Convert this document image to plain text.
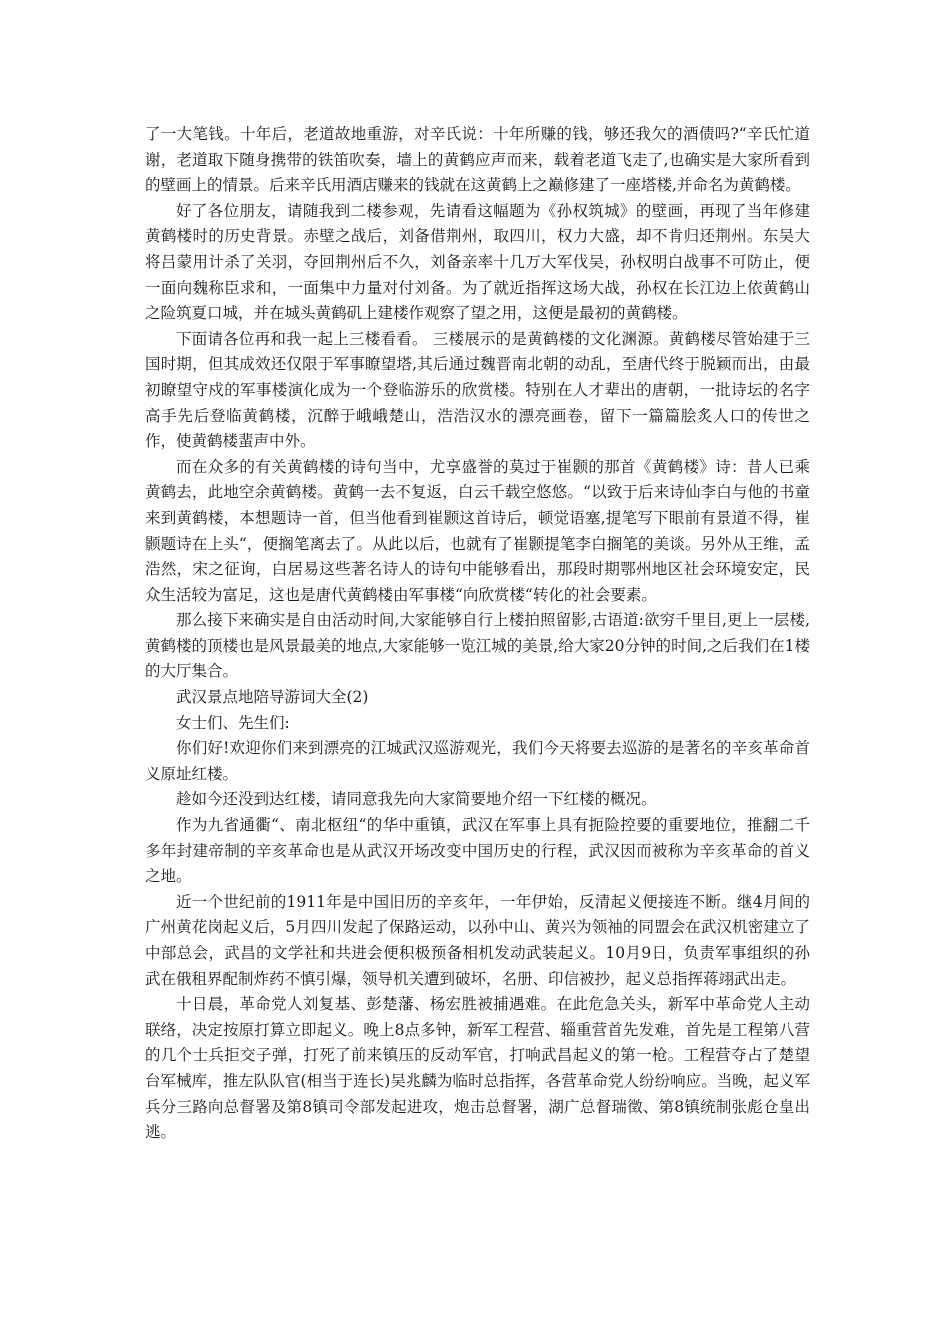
了一大笔钱。十年后，老道故地重游，对辛氏说：十年所赚的钱，够还我欠的酒债吗?“辛氏忙道谢，老道取下随身携带的铁笛吹奏，墙上的黄鹤应声而来，载着老道飞走了,也确实是大家所看到的壁画上的情景。后来辛氏用酒店赚来的钱就在这黄鹤上之巅修建了一座塔楼,并命名为黄鹤楼。

好了各位朋友，请随我到二楼参观，先请看这幅题为《孙权筑城》的壁画，再现了当年修建黄鹤楼时的历史背景。赤壁之战后，刘备借荆州，取四川，权力大盛，却不肯归还荆州。东吴大将吕蒙用计杀了关羽，夺回荆州后不久，刘备亲率十几万大军伐吴，孙权明白战事不可防止，便一面向魏称臣求和，一面集中力量对付刘备。为了就近指挥这场大战，孙权在长江边上依黄鹤山之险筑夏口城，并在城头黄鹤矶上建楼作观察了望之用，这便是最初的黄鹤楼。

下面请各位再和我一起上三楼看看。 三楼展示的是黄鹤楼的文化渊源。黄鹤楼尽管始建于三国时期，但其成效还仅限于军事瞭望塔,其后通过魏晋南北朝的动乱，至唐代终于脱颖而出，由最初瞭望守戍的军事楼演化成为一个登临游乐的欣赏楼。特别在人才辈出的唐朝，一批诗坛的名字高手先后登临黄鹤楼，沉醉于峨峨楚山，浩浩汉水的漂亮画卷，留下一篇篇脍炙人口的传世之作，使黄鹤楼蜚声中外。

而在众多的有关黄鹤楼的诗句当中，尤享盛誉的莫过于崔颢的那首《黄鹤楼》诗：昔人已乘黄鹤去，此地空余黄鹤楼。黄鹤一去不复返，白云千载空悠悠。“以致于后来诗仙李白与他的书童来到黄鹤楼，本想题诗一首，但当他看到崔颢这首诗后，顿觉语塞,提笔写下眼前有景道不得，崔颢题诗在上头“，便搁笔离去了。从此以后，也就有了崔颢提笔李白搁笔的美谈。另外从王维，孟浩然，宋之征询，白居易这些著名诗人的诗句中能够看出，那段时期鄂州地区社会环境安定，民众生活较为富足，这也是唐代黄鹤楼由军事楼“向欣赏楼“转化的社会要素。

那么接下来确实是自由活动时间,大家能够自行上楼拍照留影,古语道:欲穷千里目,更上一层楼,黄鹤楼的顶楼也是风景最美的地点,大家能够一览江城的美景,给大家20分钟的时间,之后我们在1楼的大厅集合。

武汉景点地陪导游词大全(2)

女士们、先生们:

你们好!欢迎你们来到漂亮的江城武汉巡游观光，我们今天将要去巡游的是著名的辛亥革命首义原址红楼。

趁如今还没到达红楼，请同意我先向大家简要地介绍一下红楼的概况。

作为九省通衢“、南北枢纽“的华中重镇，武汉在军事上具有扼险控要的重要地位，推翻二千多年封建帝制的辛亥革命也是从武汉开场改变中国历史的行程，武汉因而被称为辛亥革命的首义之地。

近一个世纪前的1911年是中国旧历的辛亥年，一年伊始，反清起义便接连不断。继4月间的广州黄花岗起义后，5月四川发起了保路运动，以孙中山、黄兴为领袖的同盟会在武汉机密建立了中部总会，武昌的文学社和共进会便积极预备相机发动武装起义。10月9日，负责军事组织的孙武在俄租界配制炸药不慎引爆，领导机关遭到破坏，名册、印信被抄，起义总指挥蒋翊武出走。

十日晨，革命党人刘复基、彭楚藩、杨宏胜被捕遇难。在此危急关头，新军中革命党人主动联络，决定按原打算立即起义。晚上8点多钟，新军工程营、辎重营首先发难，首先是工程第八营的几个士兵拒交子弹，打死了前来镇压的反动军官，打响武昌起义的第一枪。工程营夺占了楚望台军械库，推左队队官(相当于连长)吴兆麟为临时总指挥，各营革命党人纷纷响应。当晚，起义军兵分三路向总督署及第8镇司令部发起进攻，炮击总督署，湖广总督瑞徵、第8镇统制张彪仓皇出逃。
